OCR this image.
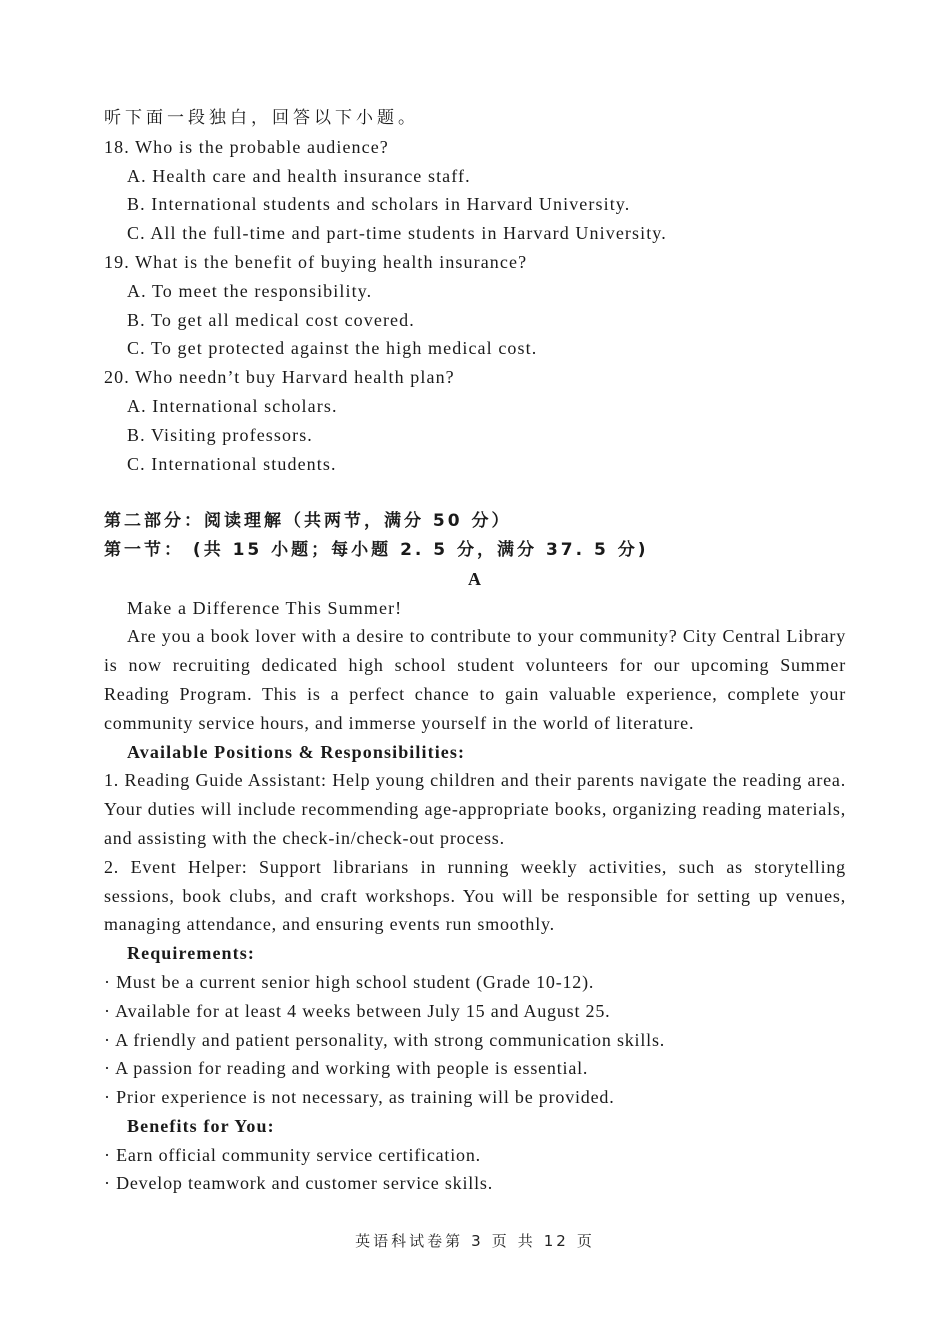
听下面一段独白，回答以下小题。
18. Who is the probable audience?
A. Health care and health insurance staff.
B. International students and scholars in Harvard University.
C. All the full-time and part-time students in Harvard University.
19. What is the benefit of buying health insurance?
A. To meet the responsibility.
B. To get all medical cost covered.
C. To get protected against the high medical cost.
20. Who needn’t buy Harvard health plan?
A. International scholars.
B. Visiting professors.
C. International students.
第二部分：阅读理解（共两节，满分 50 分）
第一节： (共 15 小题；每小题 2. 5 分，满分 37. 5 分)
A
Make a Difference This Summer!
Are you a book lover with a desire to contribute to your community? City Central Library is now recruiting dedicated high school student volunteers for our upcoming Summer Reading Program. This is a perfect chance to gain valuable experience, complete your community service hours, and immerse yourself in the world of literature.
Available Positions & Responsibilities:
1. Reading Guide Assistant: Help young children and their parents navigate the reading area. Your duties will include recommending age-appropriate books, organizing reading materials, and assisting with the check-in/check-out process.
2. Event Helper: Support librarians in running weekly activities, such as storytelling sessions, book clubs, and craft workshops. You will be responsible for setting up venues, managing attendance, and ensuring events run smoothly.
Requirements:
· Must be a current senior high school student (Grade 10-12).
· Available for at least 4 weeks between July 15 and August 25.
· A friendly and patient personality, with strong communication skills.
· A passion for reading and working with people is essential.
· Prior experience is not necessary, as training will be provided.
Benefits for You:
· Earn official community service certification.
· Develop teamwork and customer service skills.
英语科试卷第 3 页 共 12 页
